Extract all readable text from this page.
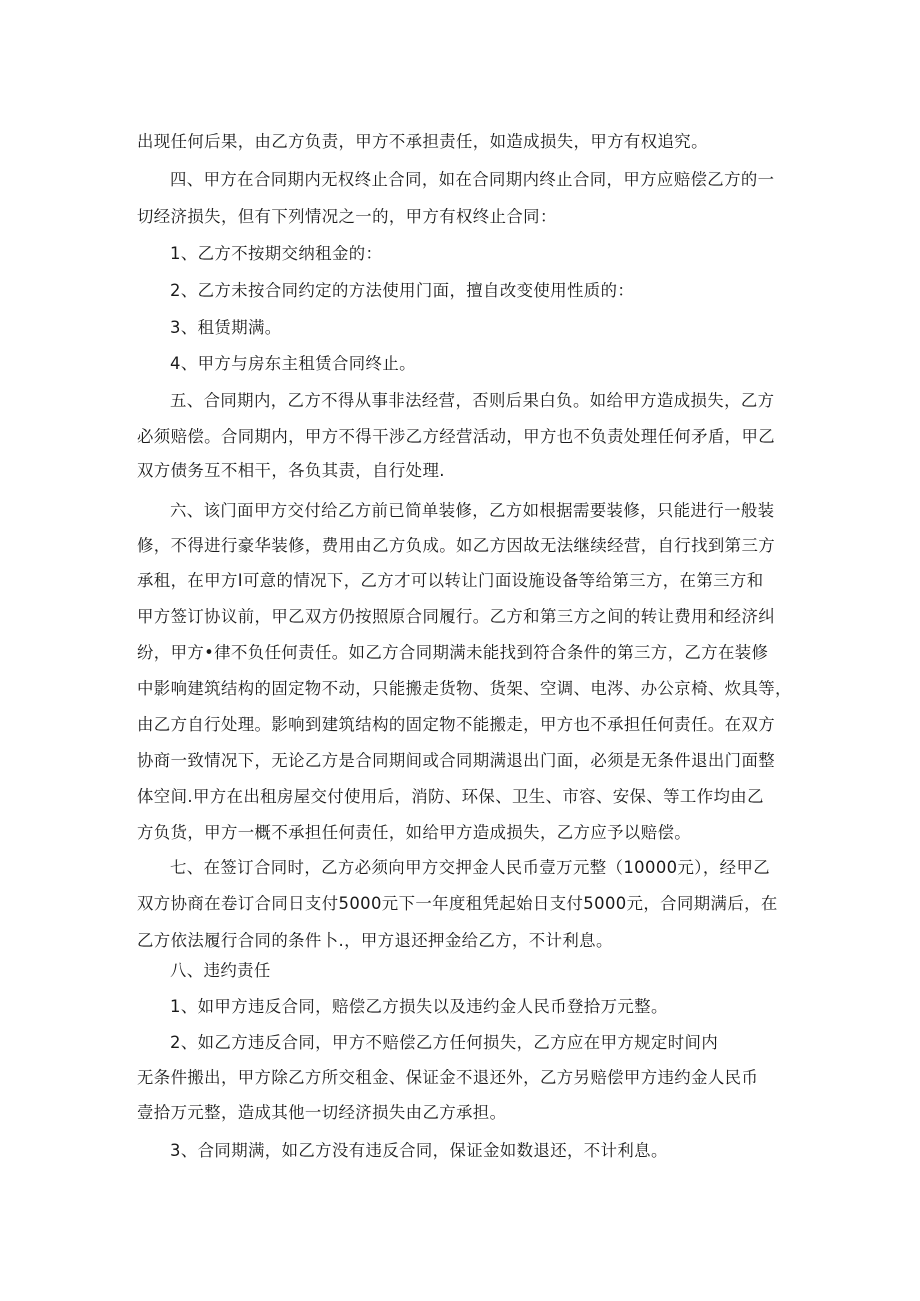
出现任何后果，由乙方负责，甲方不承担责任，如造成损失，甲方有权追究。
四、甲方在合同期内无权终止合同，如在合同期内终止合同，甲方应赔偿乙方的一
切经济损失，但有下列情况之一的，甲方有权终止合同：
1、乙方不按期交纳租金的：
2、乙方未按合同约定的方法使用门面，擅自改变使用性质的：
3、租赁期满。
4、甲方与房东主租赁合同终止。
五、合同期内，乙方不得从事非法经营，否则后果白负。如给甲方造成损失，乙方
必须赔偿。合同期内，甲方不得干涉乙方经营活动，甲方也不负责处理任何矛盾，甲乙
双方债务互不相干，各负其责，自行处理.
六、该门面甲方交付给乙方前已简单装修，乙方如根据需要装修，只能进行一般装
修，不得进行豪华装修，费用由乙方负成。如乙方因故无法继续经营，自行找到第三方
承租，在甲方I可意的情况下，乙方才可以转让门面设施设备等给第三方，在第三方和
甲方签订协议前，甲乙双方仍按照原合同履行。乙方和第三方之间的转让费用和经济纠
纷，甲方•律不负任何责任。如乙方合同期满未能找到符合条件的第三方，乙方在装修
中影响建筑结构的固定物不动，只能搬走货物、货架、空调、电涔、办公京椅、炊具等，
由乙方自行处理。影响到建筑结构的固定物不能搬走，甲方也不承担任何责任。在双方
协商一致情况下，无论乙方是合同期间或合同期满退出门面，必须是无条件退出门面整
体空间.甲方在出租房屋交付使用后，消防、环保、卫生、市容、安保、等工作均由乙
方负货，甲方一概不承担任何责任，如给甲方造成损失，乙方应予以赔偿。
七、在签订合同时，乙方必须向甲方交押金人民币壹万元整（10000元），经甲乙
双方协商在卷订合同日支付5000元下一年度租凭起始日支付5000元，合同期满后，在
乙方依法履行合同的条件卜.，甲方退还押金给乙方，不计利息。
八、违约责任
1、如甲方违反合同，赔偿乙方损失以及违约金人民币登拾万元整。
2、如乙方违反合同，甲方不赔偿乙方任何损失，乙方应在甲方规定时间内
无条件搬出，甲方除乙方所交租金、保证金不退还外，乙方另赔偿甲方违约金人民币
壹拾万元整，造成其他一切经济损失由乙方承担。
3、合同期满，如乙方没有违反合同，保证金如数退还，不计利息。
